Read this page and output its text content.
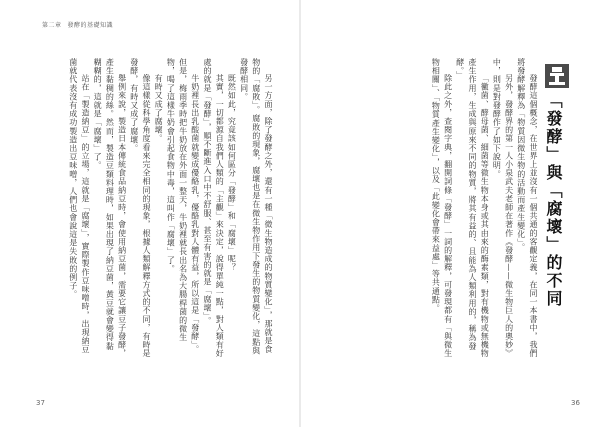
第二章 發酵的基礎知識

另一方面，除了發酵之外，還有一種「微生物造成的物質變化」，那就是食物的「腐敗」。腐敗的現象，腐壞也是在微生物作用下發生的物質變化，這點與發酵相同。

既然如此，究竟該如何區分「發酵」和「腐壞」呢？

其實，一切都源自我們人類的「主觀」來決定，說得單純一點，對人類有好處的就是「發酵」，順不斷進入口中不舒服、甚至有害的就是「腐壞」。

牛奶裡長出乳酸菌就變成優酪乳，優酪乳對人體有益，所以這是「發酵」。但是，梅雨季時把牛奶放在外面一整天，牛奶裡就長出名為大腸桿菌的微生物，喝了這樣牛奶會引起食物中毒，這叫作「腐壞」了。

有時又成了腐壞。

像這樣從科學角度看來完全相同的現象，根據人類解釋方式的不同，有時是發酵，有時又成了腐壞。

舉例來說，製造日本傳統食品納豆時，會使用納豆菌，需要它讓豆子發酵，產生黏稠的絲。然而，製造豆類料理時，如果出現了納豆菌，黃豆就會變得黏糊糊的，這就是「腐壞」了。

站在「製造納豆」的立場，這就是「腐壞」，實際製作豆味噌時，出現納豆菌就代表沒有成功製造出豆味噌，人們也會說這是失敗的例子。

37
「發酵」與「腐壞」的不同

發酵這個概念，在世界上並沒有一個共通的客觀定義，在同一本書中，我們將發酵解釋為「物質因微生物的活動而產生變化」。

另外，發酵界的第一人小泉武夫老師在著作《發酵——微生物巨人的奧妙》中，則是對發酵作了如下說明。

「黴菌、酵母菌、細菌等微生物本身或其由來的酶素類，對有機物或無機物產生作用，生成與原來不同的物質，將其有益的、且能為人類利用的，稱為發酵。」

除此之外，查閱字典，翻開詞條「發酵」一詞的解釋，可發現都有「與微生物相關」、「物質產生變化」，以及「此變化會帶來益處」等共通點。

36
